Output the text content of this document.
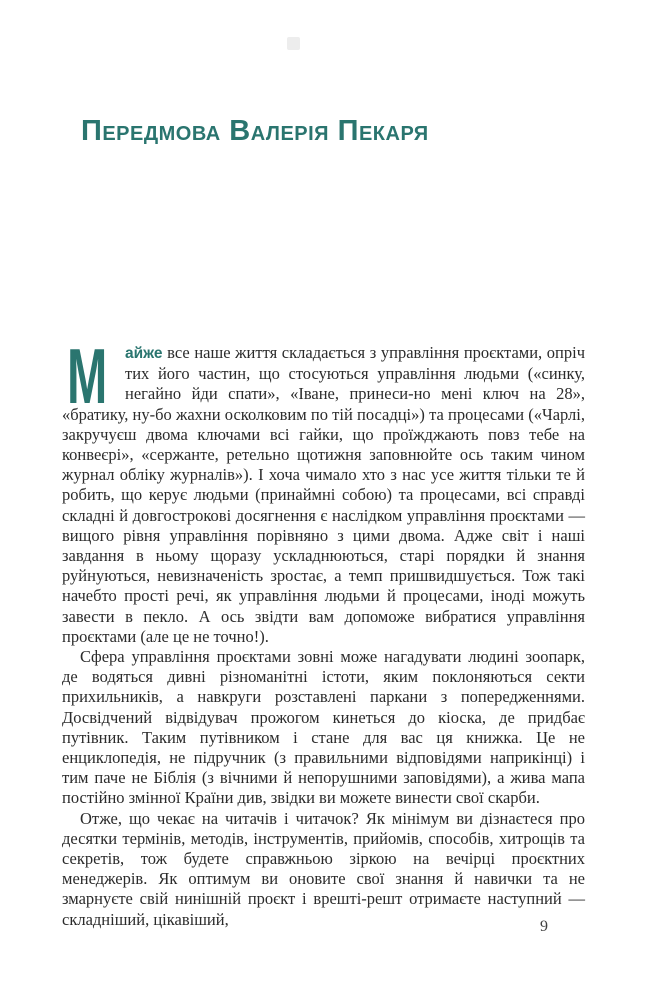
Передмова Валерія Пекаря

М айже все наше життя складається з управління проєктами, опріч тих його частин, що стосуються управління людьми («синку, негайно йди спати», «Іване, принеси-но мені ключ на 28», «братику, ну-бо жахни осколковим по тій посадці») та процесами («Чарлі, закручуєш двома ключами всі гайки, що проїжджають повз тебе на конвеєрі», «сержанте, ретельно щотижня заповнюйте ось таким чином журнал обліку журналів»). І хоча чимало хто з нас усе життя тільки те й робить, що керує людьми (принаймні собою) та процесами, всі справді складні й довгострокові досягнення є наслідком управління проєктами — вищого рівня управління порівняно з цими двома. Адже світ і наші завдання в ньому щоразу ускладнюються, старі порядки й знання руйнуються, невизначеність зростає, а темп пришвидшується. Тож такі начебто прості речі, як управління людьми й процесами, іноді можуть завести в пекло. А ось звідти вам допоможе вибратися управління проєктами (але це не точно!).

Сфера управління проєктами зовні може нагадувати людині зоопарк, де водяться дивні різноманітні істоти, яким поклоняються секти прихильників, а навкруги розставлені паркани з попередженнями. Досвідчений відвідувач прожогом кинеться до кіоска, де придбає путівник. Таким путівником і стане для вас ця книжка. Це не енциклопедія, не підручник (з правильними відповідями наприкінці) і тим паче не Біблія (з вічними й непорушними заповідями), а жива мапа постійно змінної Країни див, звідки ви можете винести свої скарби.

Отже, що чекає на читачів і читачок? Як мінімум ви дізнаєтеся про десятки термінів, методів, інструментів, прийомів, способів, хитрощів та секретів, тож будете справжньою зіркою на вечірці проєктних менеджерів. Як оптимум ви оновите свої знання й навички та не змарнуєте свій нинішній проєкт і врешті-решт отримаєте наступний — складніший, цікавіший,	9
